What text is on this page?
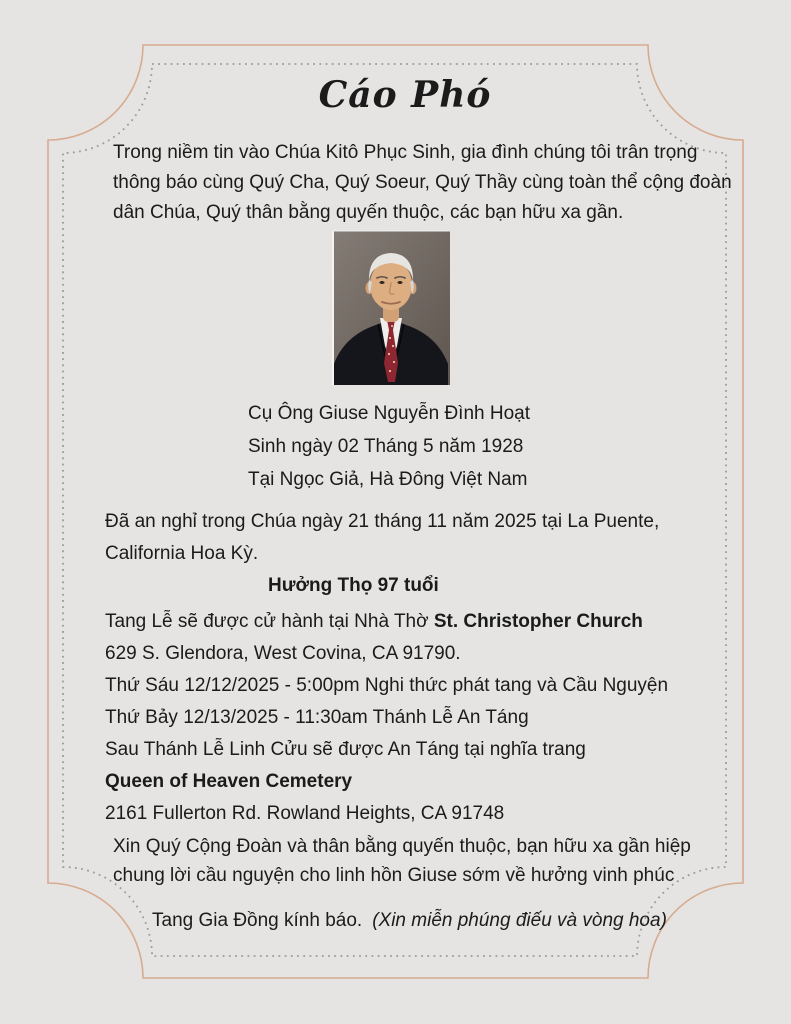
Cáo Phó
Trong niềm tin vào Chúa Kitô Phục Sinh, gia đình chúng tôi trân trọng
thông báo cùng Quý Cha, Quý Soeur, Quý Thầy cùng toàn thể cộng đoàn
dân Chúa, Quý thân bằng quyến thuộc, các bạn hữu xa gần.
Cụ Ông Giuse Nguyễn Đình Hoạt
Sinh ngày 02 Tháng 5 năm 1928
Tại Ngọc Giả, Hà Đông Việt Nam
Đã an nghỉ trong Chúa ngày 21 tháng 11 năm 2025 tại La Puente,
California Hoa Kỳ.
Hưởng Thọ 97 tuổi
Tang Lễ sẽ được cử hành tại Nhà Thờ St. Christopher Church
629 S. Glendora, West Covina, CA 91790.
Thứ Sáu 12/12/2025 - 5:00pm Nghi thức phát tang và Cầu Nguyện
Thứ Bảy 12/13/2025 - 11:30am Thánh Lễ An Táng
Sau Thánh Lễ Linh Cửu sẽ được An Táng tại nghĩa trang
Queen of Heaven Cemetery
2161 Fullerton Rd. Rowland Heights, CA 91748
Xin Quý Cộng Đoàn và thân bằng quyến thuộc, bạn hữu xa gần hiệp
chung lời cầu nguyện cho linh hồn Giuse sớm về hưởng vinh phúc
Tang Gia Đồng kính báo. (Xin miễn phúng điếu và vòng hoa)
